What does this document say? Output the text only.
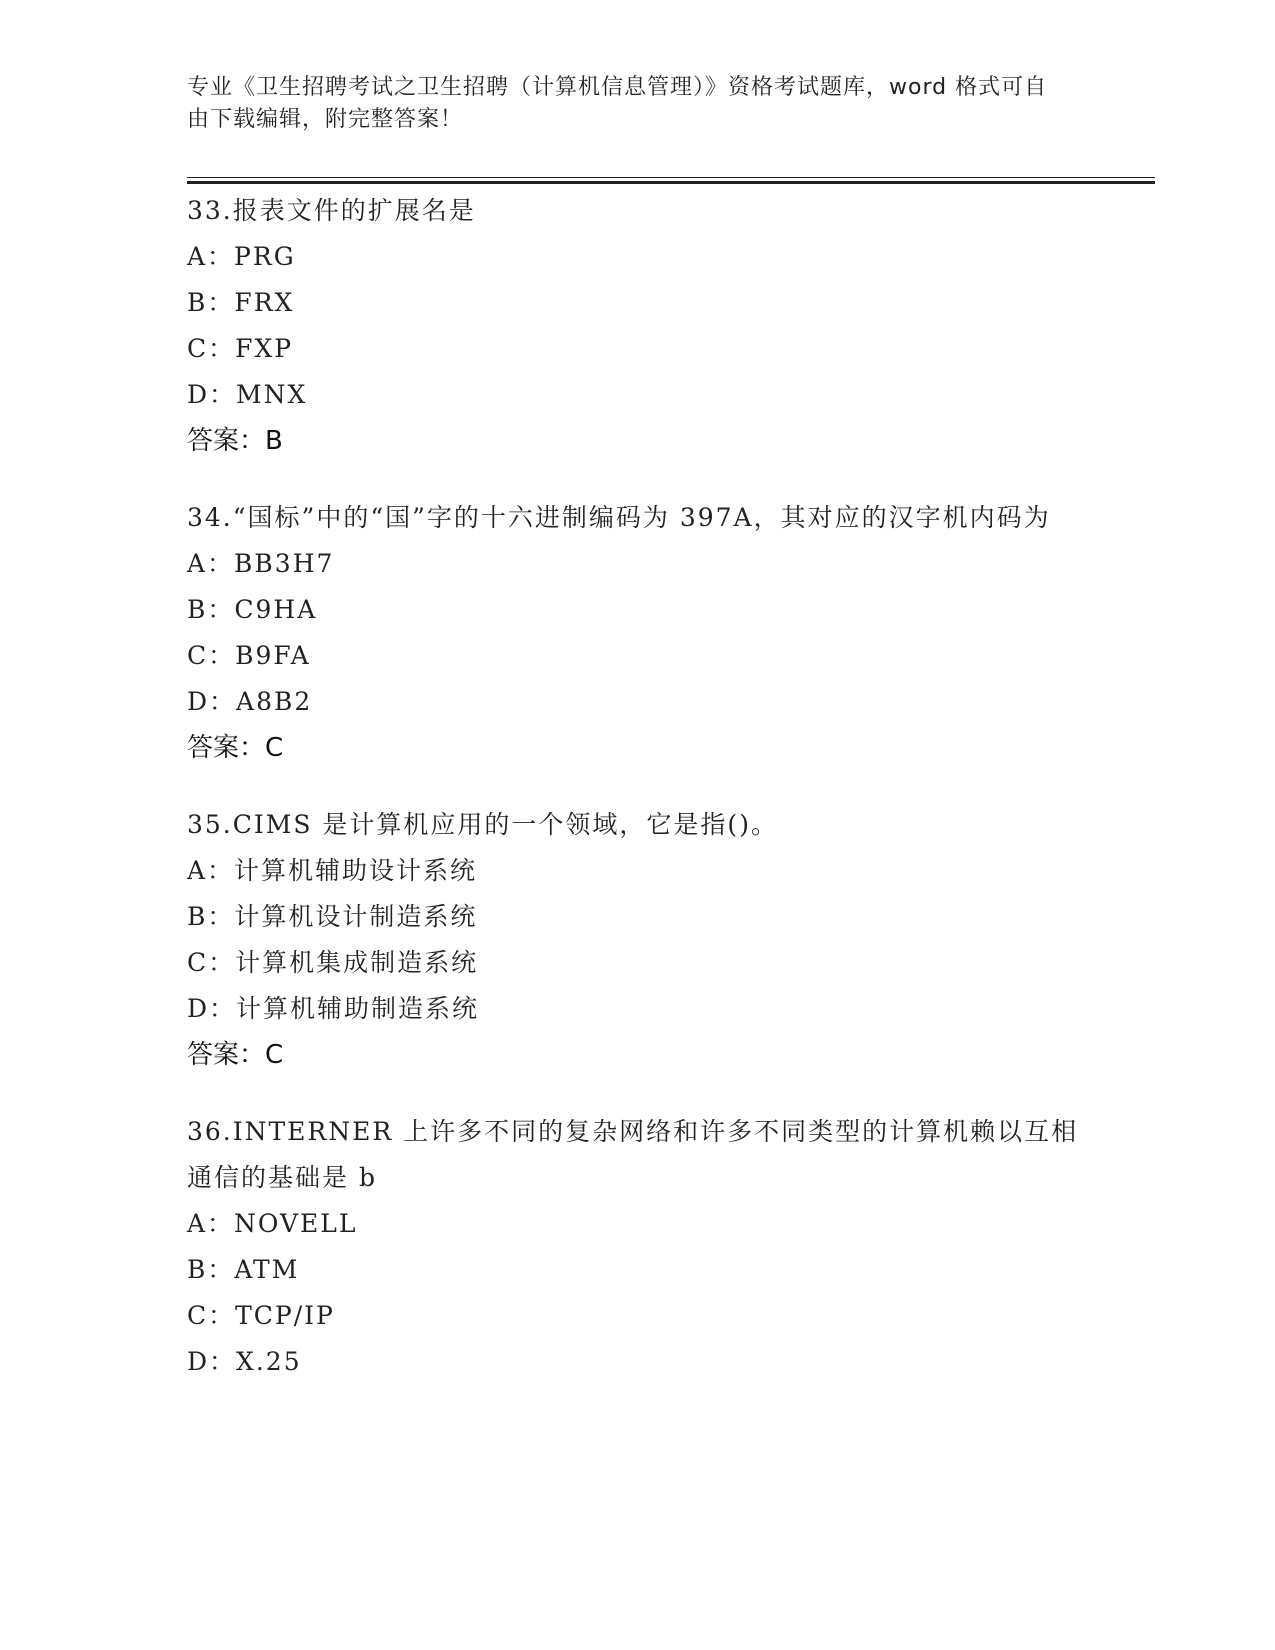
专业《卫生招聘考试之卫生招聘（计算机信息管理）》资格考试题库，word 格式可自由下载编辑，附完整答案！
33.报表文件的扩展名是
A：PRG
B：FRX
C：FXP
D：MNX
答案：B
34.“国标”中的“国”字的十六进制编码为 397A，其对应的汉字机内码为
A：BB3H7
B：C9HA
C：B9FA
D：A8B2
答案：C
35.CIMS 是计算机应用的一个领域，它是指()。
A：计算机辅助设计系统
B：计算机设计制造系统
C：计算机集成制造系统
D：计算机辅助制造系统
答案：C
36.INTERNER 上许多不同的复杂网络和许多不同类型的计算机赖以互相通信的基础是 b
A：NOVELL
B：ATM
C：TCP/IP
D：X.25
